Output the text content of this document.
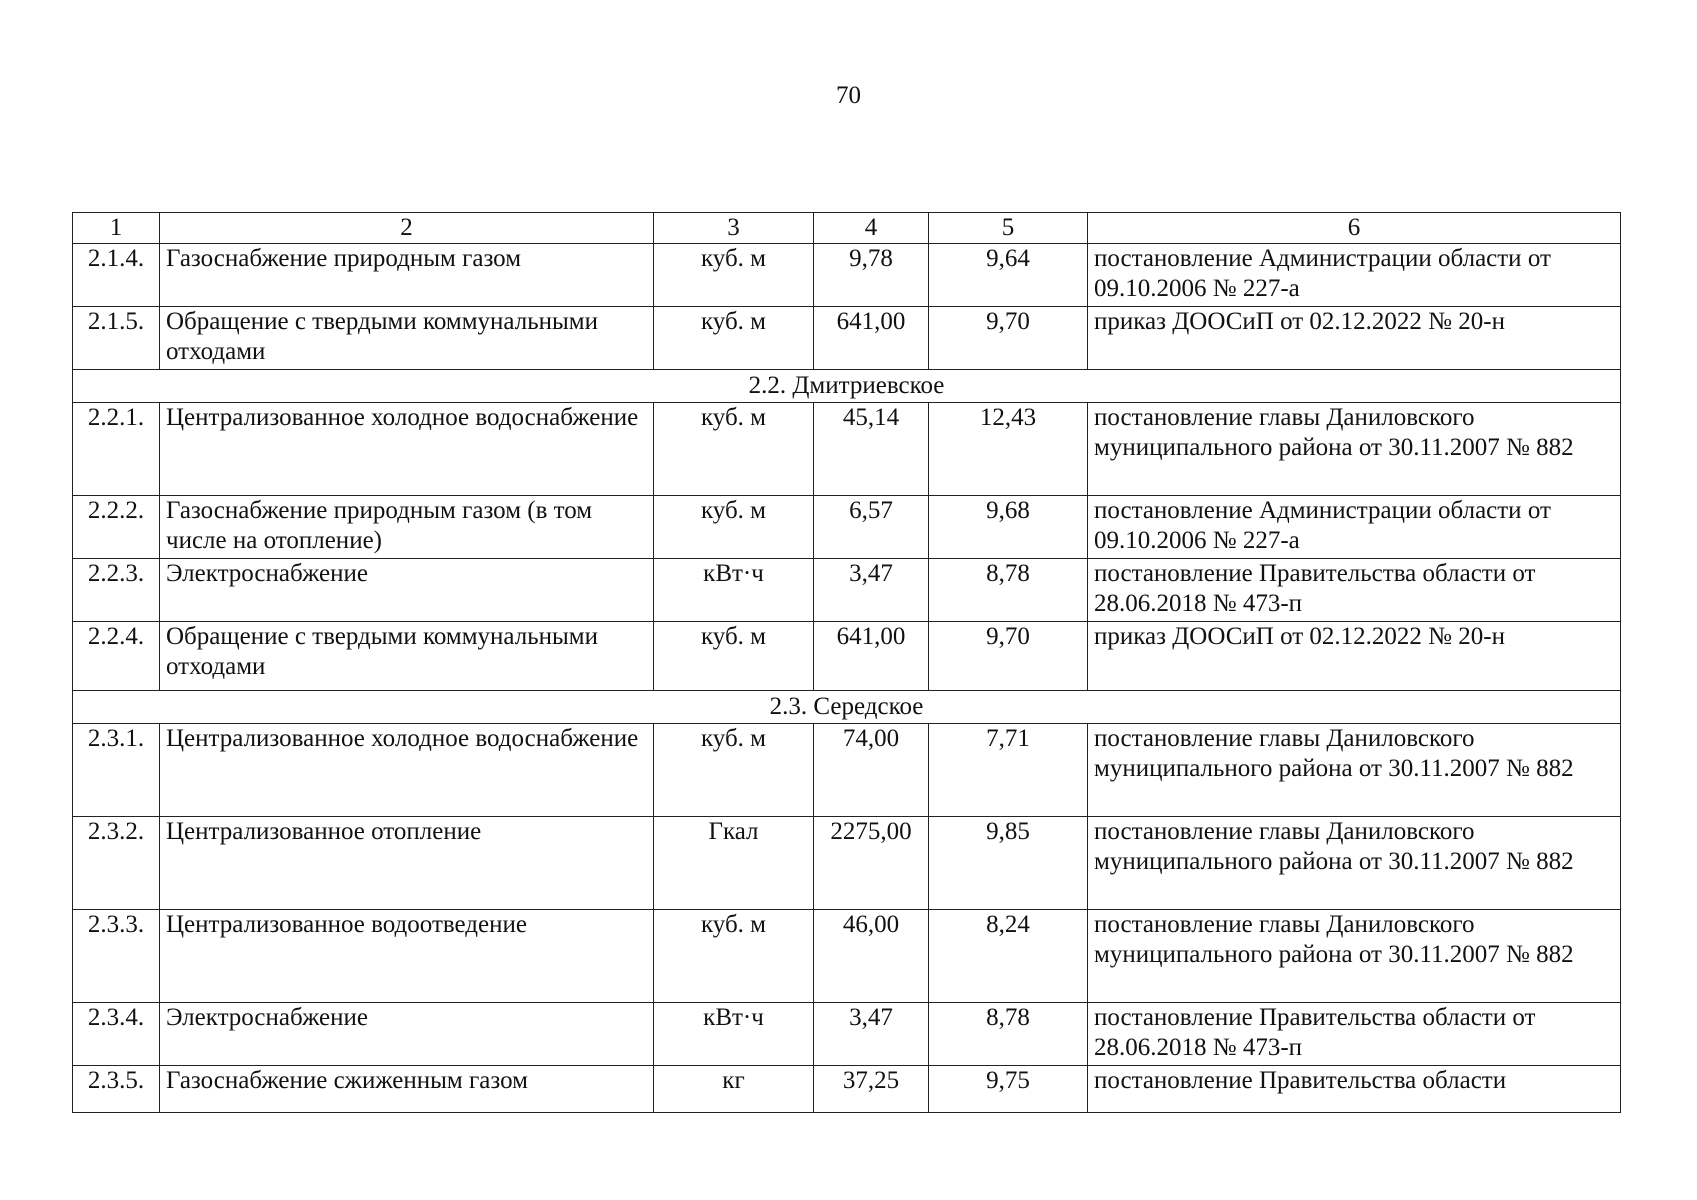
70
1	2	3	4	5	6
2.1.4.	Газоснабжение природным газом	куб. м	9,78	9,64	постановление Администрации области от 09.10.2006 № 227-а
2.1.5.	Обращение с твердыми коммунальными отходами	куб. м	641,00	9,70	приказ ДООСиП от 02.12.2022 № 20-н
2.2. Дмитриевское					
2.2.1.	Централизованное холодное водоснабжение	куб. м	45,14	12,43	постановление главы Даниловского муниципального района от 30.11.2007 № 882
2.2.2.	Газоснабжение природным газом (в том числе на отопление)	куб. м	6,57	9,68	постановление Администрации области от 09.10.2006 № 227-а
2.2.3.	Электроснабжение	кВт·ч	3,47	8,78	постановление Правительства области от 28.06.2018 № 473-п
2.2.4.	Обращение с твердыми коммунальными отходами	куб. м	641,00	9,70	приказ ДООСиП от 02.12.2022 № 20-н
2.3. Середское					
2.3.1.	Централизованное холодное водоснабжение	куб. м	74,00	7,71	постановление главы Даниловского муниципального района от 30.11.2007 № 882
2.3.2.	Централизованное отопление	Гкал	2275,00	9,85	постановление главы Даниловского муниципального района от 30.11.2007 № 882
2.3.3.	Централизованное водоотведение	куб. м	46,00	8,24	постановление главы Даниловского муниципального района от 30.11.2007 № 882
2.3.4.	Электроснабжение	кВт·ч	3,47	8,78	постановление Правительства области от 28.06.2018 № 473-п
2.3.5.	Газоснабжение сжиженным газом	кг	37,25	9,75	постановление Правительства области
